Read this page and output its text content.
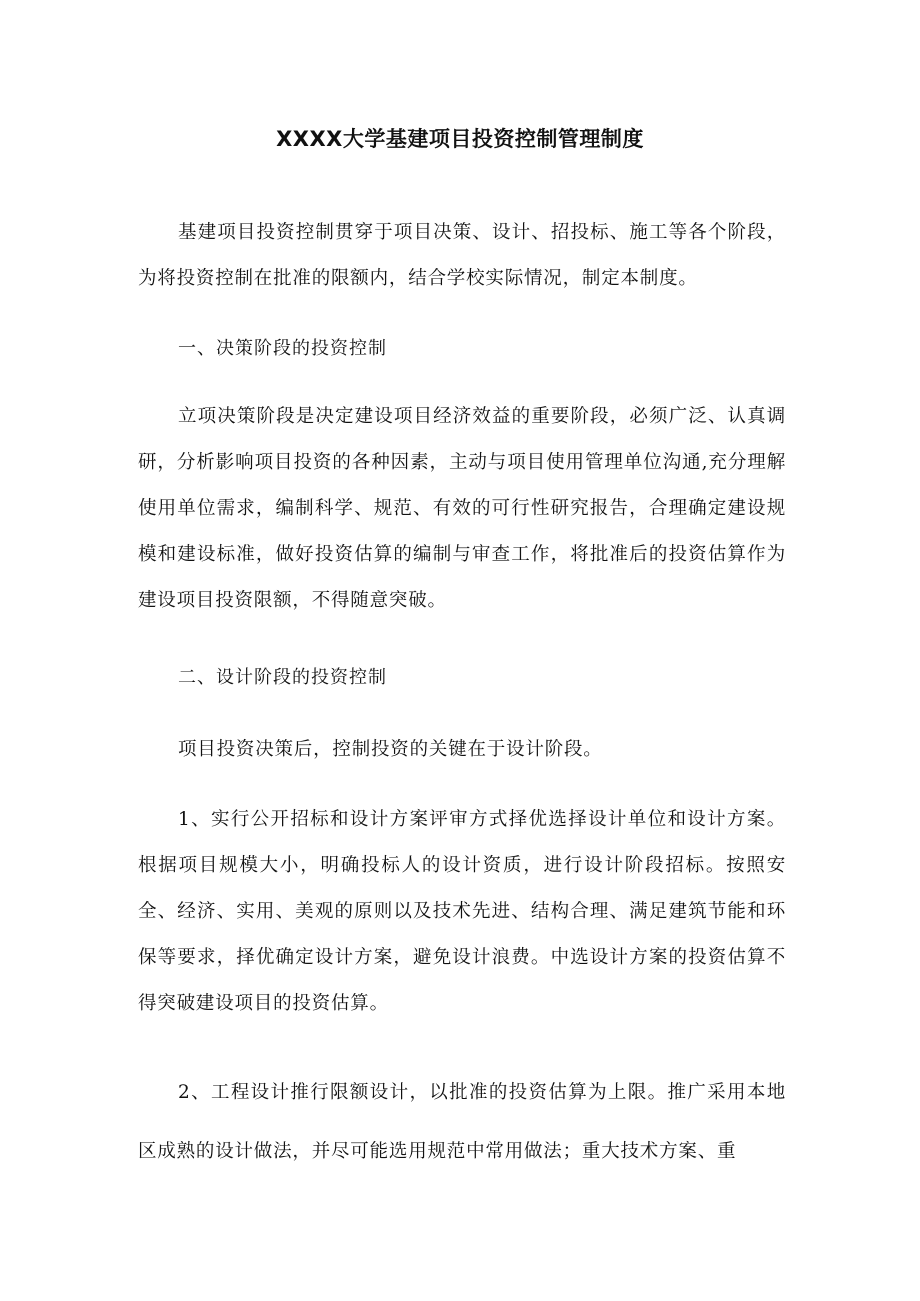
XXXX大学基建项目投资控制管理制度

基建项目投资控制贯穿于项目决策、设计、招投标、施工等各个阶段，为将投资控制在批准的限额内，结合学校实际情况，制定本制度。

一、决策阶段的投资控制

立项决策阶段是决定建设项目经济效益的重要阶段，必须广泛、认真调研，分析影响项目投资的各种因素，主动与项目使用管理单位沟通,充分理解使用单位需求，编制科学、规范、有效的可行性研究报告，合理确定建设规模和建设标准，做好投资估算的编制与审查工作，将批准后的投资估算作为建设项目投资限额，不得随意突破。

二、设计阶段的投资控制

项目投资决策后，控制投资的关键在于设计阶段。

1、实行公开招标和设计方案评审方式择优选择设计单位和设计方案。根据项目规模大小，明确投标人的设计资质，进行设计阶段招标。按照安全、经济、实用、美观的原则以及技术先进、结构合理、满足建筑节能和环保等要求，择优确定设计方案，避免设计浪费。中选设计方案的投资估算不得突破建设项目的投资估算。

2、工程设计推行限额设计，以批准的投资估算为上限。推广采用本地区成熟的设计做法，并尽可能选用规范中常用做法；重大技术方案、重
